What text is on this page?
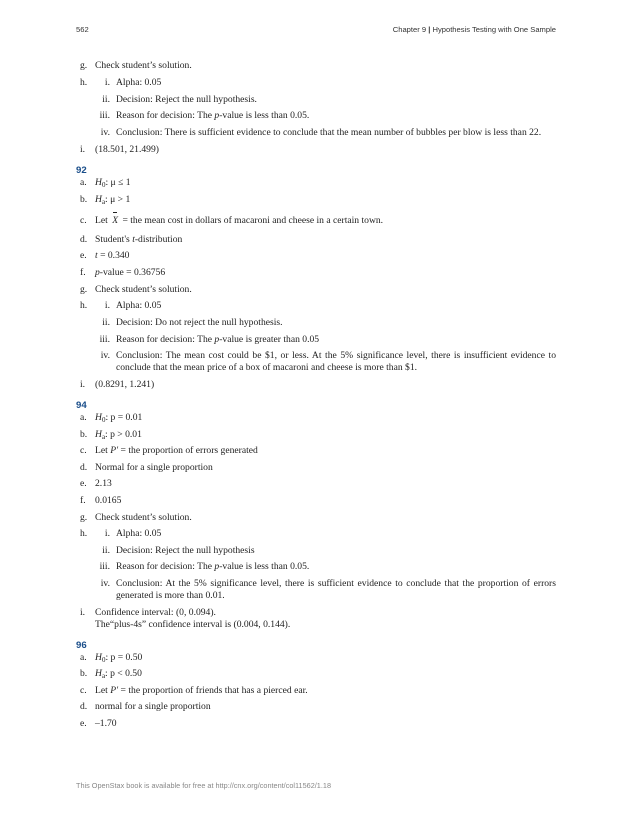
562	Chapter 9 | Hypothesis Testing with One Sample
g. Check student’s solution.
h.	i. Alpha: 0.05
ii. Decision: Reject the null hypothesis.
iii. Reason for decision: The p-value is less than 0.05.
iv. Conclusion: There is sufficient evidence to conclude that the mean number of bubbles per blow is less than 22.
i. (18.501, 21.499)
92
a. $H_0$: μ ≤ 1
b. $H_a$: μ > 1
c. Let X = the mean cost in dollars of macaroni and cheese in a certain town.
d. Student's t-distribution
e. t = 0.340
f. p-value = 0.36756
g. Check student’s solution.
h.	i. Alpha: 0.05
ii. Decision: Do not reject the null hypothesis.
iii. Reason for decision: The p-value is greater than 0.05
iv. Conclusion: The mean cost could be $1, or less. At the 5% significance level, there is insufficient evidence to conclude that the mean price of a box of macaroni and cheese is more than $1.
i. (0.8291, 1.241)
94
a. $H_0$: p = 0.01
b. $H_a$: p > 0.01
c. Let P′ = the proportion of errors generated
d. Normal for a single proportion
e. 2.13
f. 0.0165
g. Check student’s solution.
h.	i. Alpha: 0.05
ii. Decision: Reject the null hypothesis
iii. Reason for decision: The p-value is less than 0.05.
iv. Conclusion: At the 5% significance level, there is sufficient evidence to conclude that the proportion of errors generated is more than 0.01.
i. Confidence interval: (0, 0.094).
The“plus-4s” confidence interval is (0.004, 0.144).
96
a. $H_0$: p = 0.50
b. $H_a$: p < 0.50
c. Let P′ = the proportion of friends that has a pierced ear.
d. normal for a single proportion
e. –1.70
This OpenStax book is available for free at http://cnx.org/content/col11562/1.18
